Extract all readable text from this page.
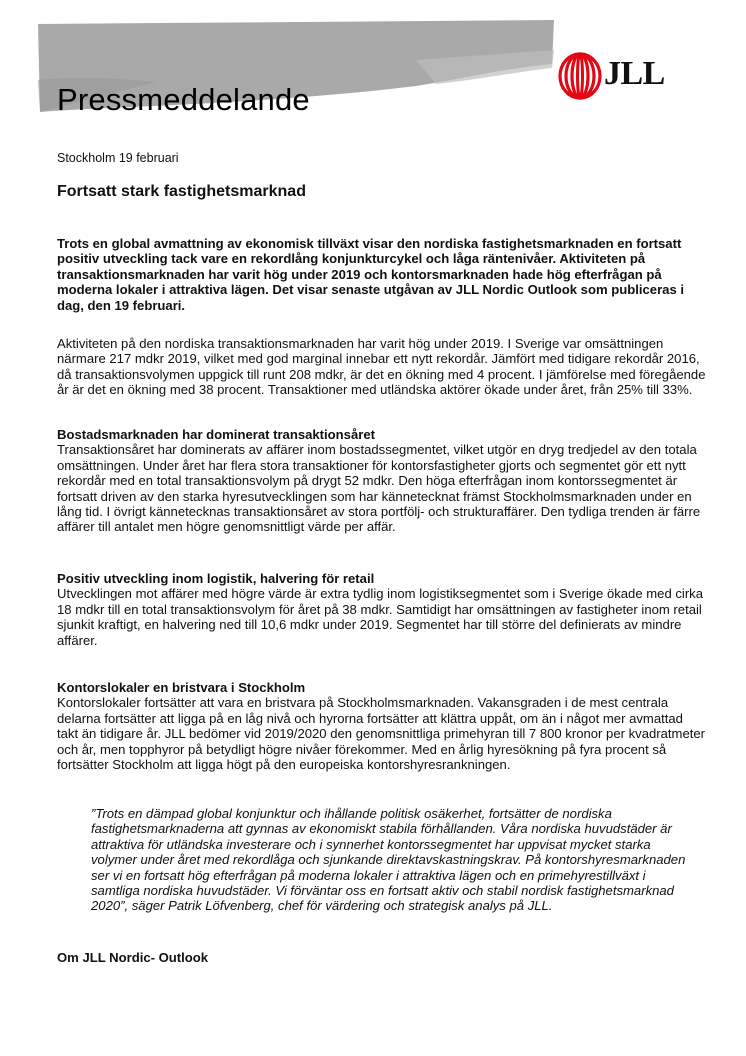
Pressmeddelande
JLL
Stockholm 19 februari
Fortsatt stark fastighetsmarknad

Trots en global avmattning av ekonomisk tillväxt visar den nordiska fastighetsmarknaden en fortsatt positiv utveckling tack vare en rekordlång konjunkturcykel och låga räntenivåer. Aktiviteten på transaktionsmarknaden har varit hög under 2019 och kontorsmarknaden hade hög efterfrågan på moderna lokaler i attraktiva lägen. Det visar senaste utgåvan av JLL Nordic Outlook som publiceras i dag, den 19 februari.

Aktiviteten på den nordiska transaktionsmarknaden har varit hög under 2019. I Sverige var omsättningen närmare 217 mdkr 2019, vilket med god marginal innebar ett nytt rekordår. Jämfört med tidigare rekordår 2016, då transaktionsvolymen uppgick till runt 208 mdkr, är det en ökning med 4 procent. I jämförelse med föregående år är det en ökning med 38 procent. Transaktioner med utländska aktörer ökade under året, från 25% till 33%.

Bostadsmarknaden har dominerat transaktionsåret
Transaktionsåret har dominerats av affärer inom bostadssegmentet, vilket utgör en dryg tredjedel av den totala omsättningen. Under året har flera stora transaktioner för kontorsfastigheter gjorts och segmentet gör ett nytt rekordår med en total transaktionsvolym på drygt 52 mdkr. Den höga efterfrågan inom kontorssegmentet är fortsatt driven av den starka hyresutvecklingen som har kännetecknat främst Stockholmsmarknaden under en lång tid. I övrigt kännetecknas transaktionsåret av stora portfölj- och strukturaffärer. Den tydliga trenden är färre affärer till antalet men högre genomsnittligt värde per affär.
Positiv utveckling inom logistik, halvering för retail
Utvecklingen mot affärer med högre värde är extra tydlig inom logistiksegmentet som i Sverige ökade med cirka 18 mdkr till en total transaktionsvolym för året på 38 mdkr. Samtidigt har omsättningen av fastigheter inom retail sjunkit kraftigt, en halvering ned till 10,6 mdkr under 2019. Segmentet har till större del definierats av mindre affärer.
Kontorslokaler en bristvara i Stockholm
Kontorslokaler fortsätter att vara en bristvara på Stockholmsmarknaden. Vakansgraden i de mest centrala delarna fortsätter att ligga på en låg nivå och hyrorna fortsätter att klättra uppåt, om än i något mer avmattad takt än tidigare år. JLL bedömer vid 2019/2020 den genomsnittliga primehyran till 7 800 kronor per kvadratmeter och år, men topphyror på betydligt högre nivåer förekommer. Med en årlig hyresökning på fyra procent så fortsätter Stockholm att ligga högt på den europeiska kontorshyresrankningen.

”Trots en dämpad global konjunktur och ihållande politisk osäkerhet, fortsätter de nordiska fastighetsmarknaderna att gynnas av ekonomiskt stabila förhållanden. Våra nordiska huvudstäder är attraktiva för utländska investerare och i synnerhet kontorssegmentet har uppvisat mycket starka volymer under året med rekordlåga och sjunkande direktavskastningskrav. På kontorshyresmarknaden ser vi en fortsatt hög efterfrågan på moderna lokaler i attraktiva lägen och en primehyrestillväxt i samtliga nordiska huvudstäder. Vi förväntar oss en fortsatt aktiv och stabil nordisk fastighetsmarknad 2020”, säger Patrik Löfvenberg, chef för värdering och strategisk analys på JLL.

Om JLL Nordic- Outlook
